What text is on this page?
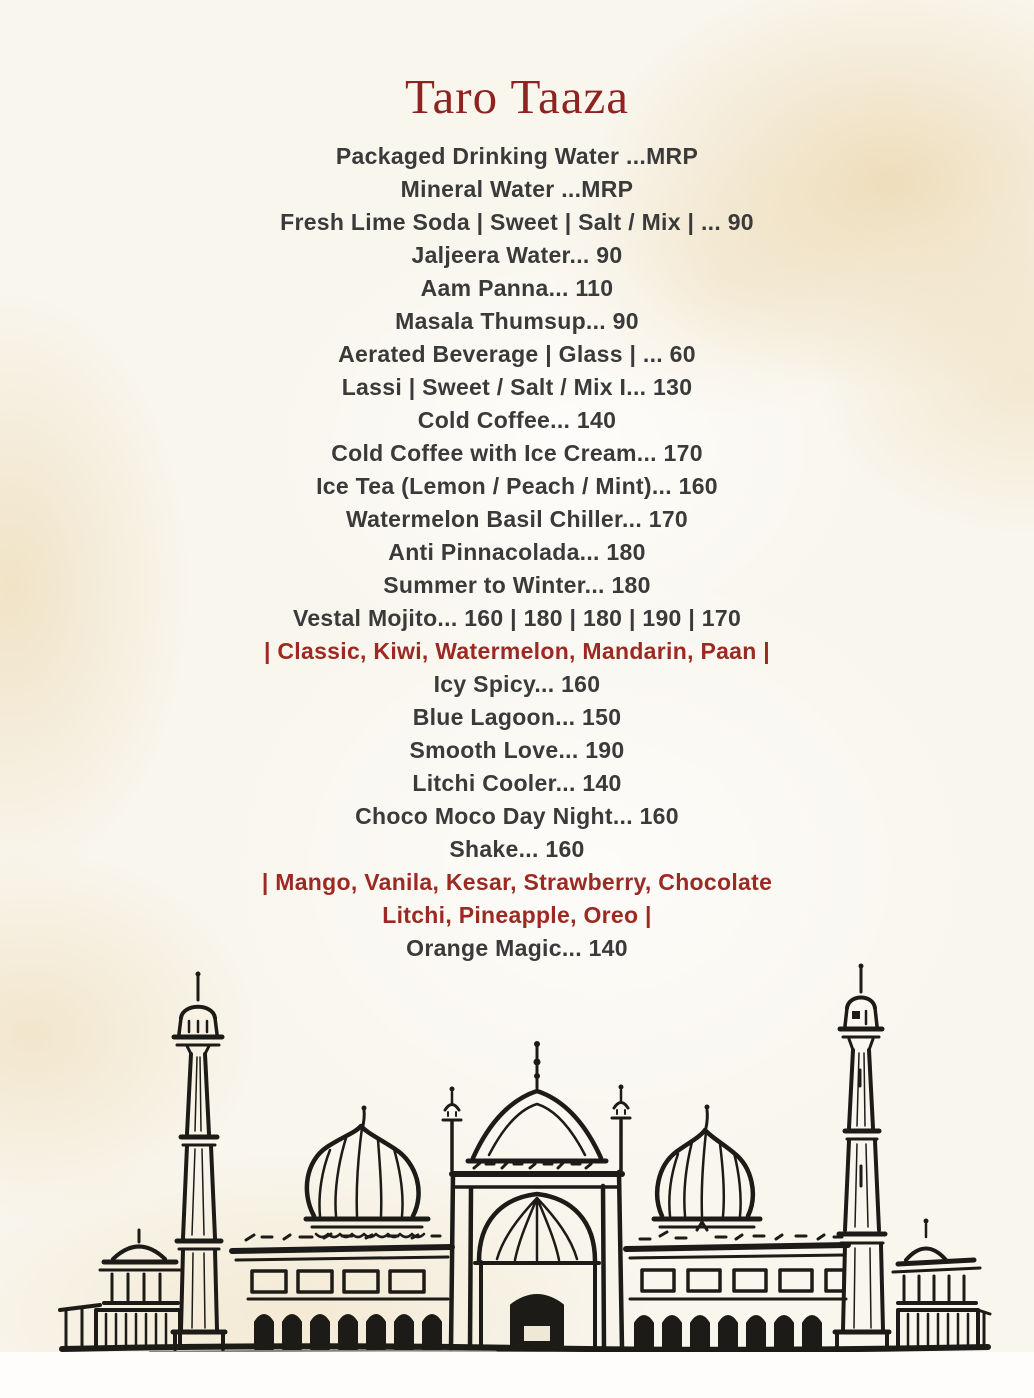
Taro Taaza
Packaged Drinking Water ...MRP
Mineral Water ...MRP
Fresh Lime Soda | Sweet | Salt / Mix | ... 90
Jaljeera Water... 90
Aam Panna... 110
Masala Thumsup... 90
Aerated Beverage | Glass | ... 60
Lassi | Sweet / Salt / Mix I... 130
Cold Coffee... 140
Cold Coffee with Ice Cream... 170
Ice Tea (Lemon / Peach / Mint)... 160
Watermelon Basil Chiller... 170
Anti Pinnacolada... 180
Summer to Winter... 180
Vestal Mojito... 160 | 180 | 180 | 190 | 170
| Classic, Kiwi, Watermelon, Mandarin, Paan |
Icy Spicy... 160
Blue Lagoon... 150
Smooth Love... 190
Litchi Cooler... 140
Choco Moco Day Night... 160
Shake... 160
| Mango, Vanila, Kesar, Strawberry, Chocolate
Litchi, Pineapple, Oreo |
Orange Magic... 140
